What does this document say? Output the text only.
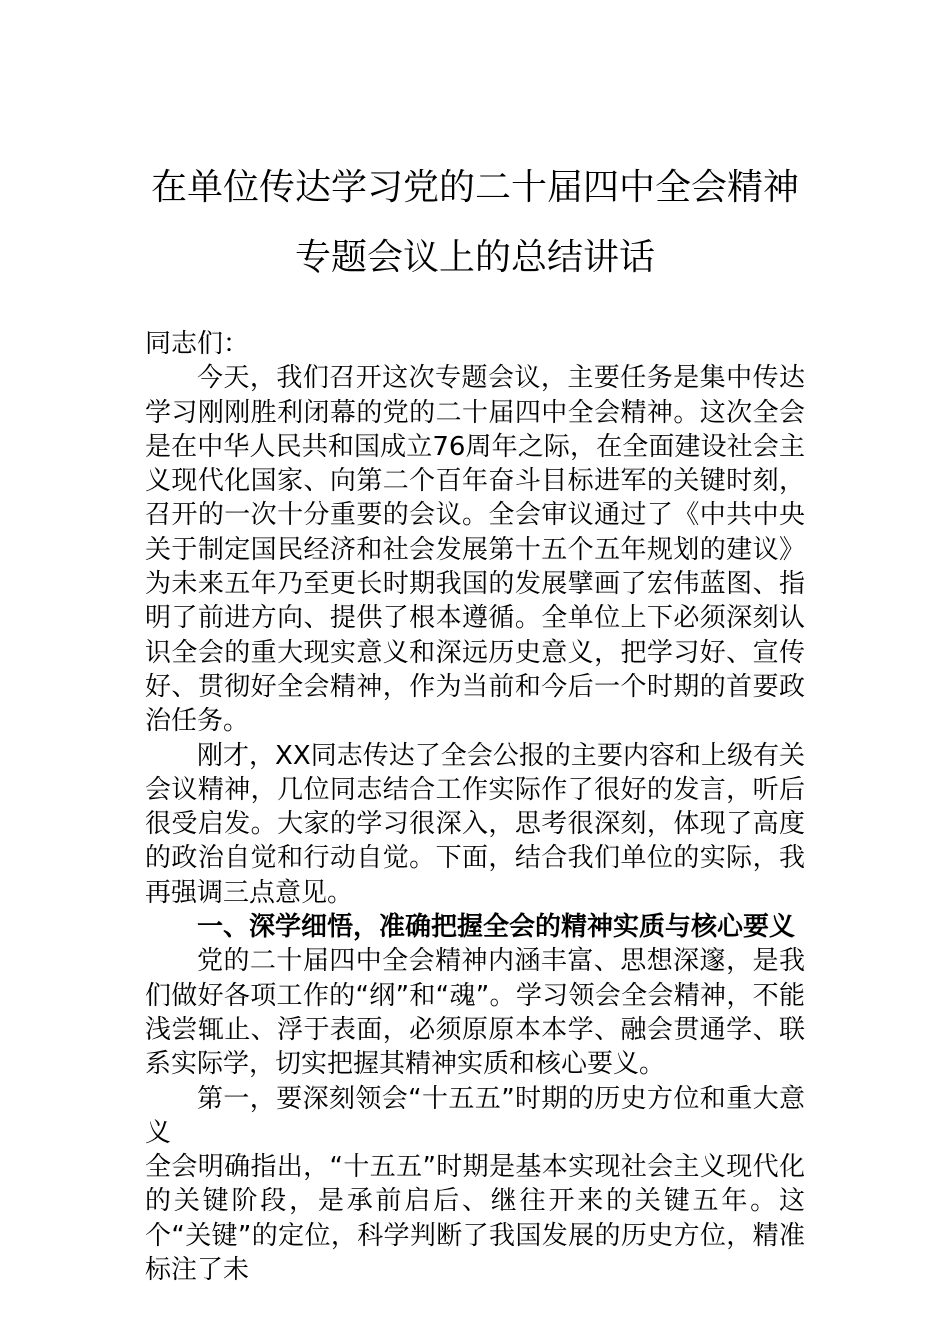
在单位传达学习党的二十届四中全会精神
专题会议上的总结讲话

同志们：

今天，我们召开这次专题会议，主要任务是集中传达学习刚刚胜利闭幕的党的二十届四中全会精神。这次全会是在中华人民共和国成立76周年之际，在全面建设社会主义现代化国家、向第二个百年奋斗目标进军的关键时刻，召开的一次十分重要的会议。全会审议通过了《中共中央关于制定国民经济和社会发展第十五个五年规划的建议》为未来五年乃至更长时期我国的发展擘画了宏伟蓝图、指明了前进方向、提供了根本遵循。全单位上下必须深刻认识全会的重大现实意义和深远历史意义，把学习好、宣传好、贯彻好全会精神，作为当前和今后一个时期的首要政治任务。

刚才，XX同志传达了全会公报的主要内容和上级有关会议精神，几位同志结合工作实际作了很好的发言，听后很受启发。大家的学习很深入，思考很深刻，体现了高度的政治自觉和行动自觉。下面，结合我们单位的实际，我再强调三点意见。

一、深学细悟，准确把握全会的精神实质与核心要义

党的二十届四中全会精神内涵丰富、思想深邃，是我们做好各项工作的“纲”和“魂”。学习领会全会精神，不能浅尝辄止、浮于表面，必须原原本本学、融会贯通学、联系实际学，切实把握其精神实质和核心要义。

第一，要深刻领会“十五五”时期的历史方位和重大意义

全会明确指出，“十五五”时期是基本实现社会主义现代化的关键阶段，是承前启后、继往开来的关键五年。这个“关键”的定位，科学判断了我国发展的历史方位，精准标注了未
